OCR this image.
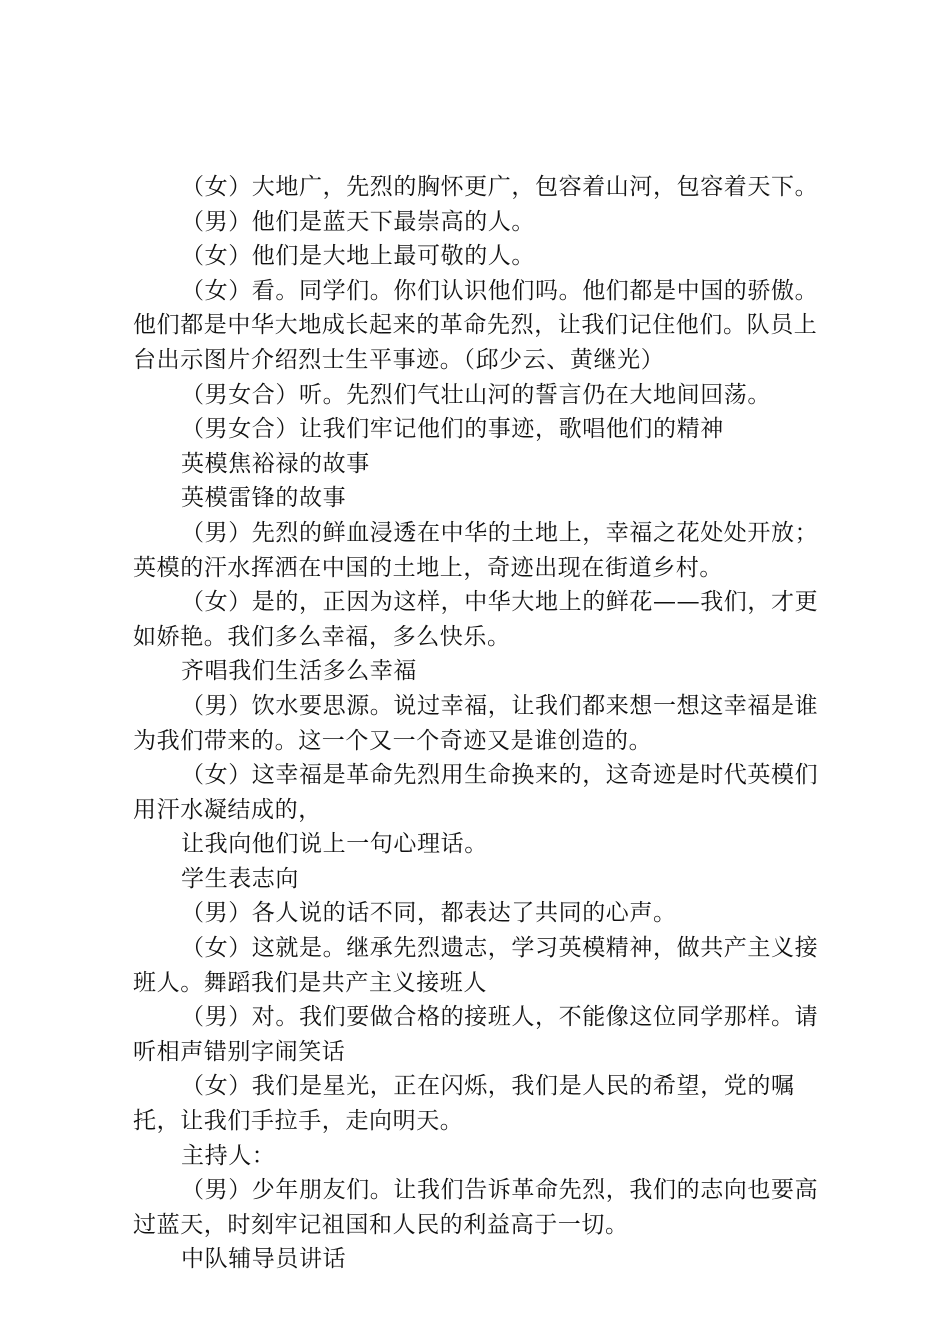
（女）大地广，先烈的胸怀更广，包容着山河，包容着天下。

（男）他们是蓝天下最崇高的人。

（女）他们是大地上最可敬的人。

（女）看。同学们。你们认识他们吗。他们都是中国的骄傲。他们都是中华大地成长起来的革命先烈，让我们记住他们。队员上台出示图片介绍烈士生平事迹。（邱少云、黄继光）

（男女合）听。先烈们气壮山河的誓言仍在大地间回荡。

（男女合）让我们牢记他们的事迹，歌唱他们的精神

英模焦裕禄的故事

英模雷锋的故事

（男）先烈的鲜血浸透在中华的土地上，幸福之花处处开放；英模的汗水挥洒在中国的土地上，奇迹出现在街道乡村。

（女）是的，正因为这样，中华大地上的鲜花——我们，才更如娇艳。我们多么幸福，多么快乐。

齐唱我们生活多么幸福

（男）饮水要思源。说过幸福，让我们都来想一想这幸福是谁为我们带来的。这一个又一个奇迹又是谁创造的。

（女）这幸福是革命先烈用生命换来的，这奇迹是时代英模们用汗水凝结成的，

让我向他们说上一句心理话。

学生表志向

（男）各人说的话不同，都表达了共同的心声。

（女）这就是。继承先烈遗志，学习英模精神，做共产主义接班人。舞蹈我们是共产主义接班人

（男）对。我们要做合格的接班人，不能像这位同学那样。请听相声错别字闹笑话

（女）我们是星光，正在闪烁，我们是人民的希望，党的嘱托，让我们手拉手，走向明天。

主持人：

（男）少年朋友们。让我们告诉革命先烈，我们的志向也要高过蓝天，时刻牢记祖国和人民的利益高于一切。

中队辅导员讲话
